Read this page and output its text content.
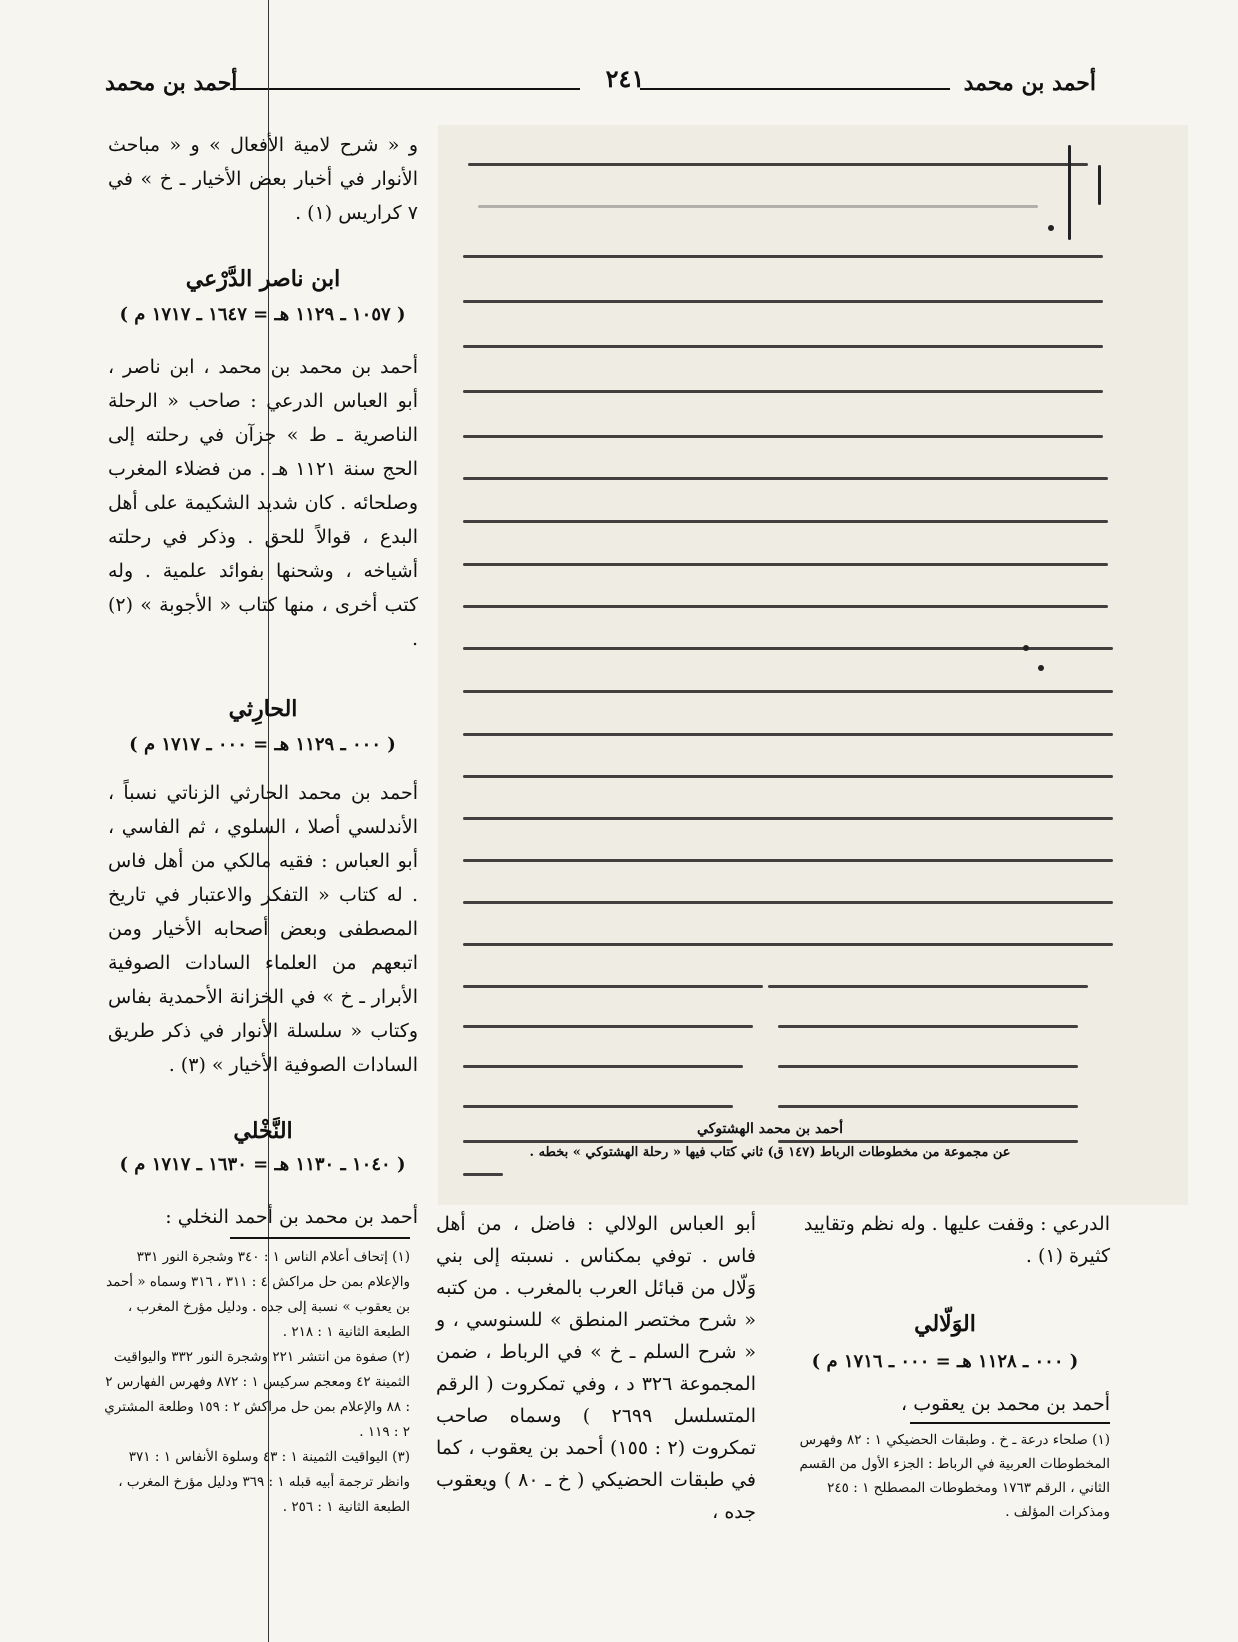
أحمد بن محمد
٢٤١
أحمد بن محمد
و « شرح لامية الأفعال » و « مباحث الأنوار في أخبار بعض الأخيار ـ خ » في ٧ كراريس (١) .
ابن ناصر الدَّرْعي
( ١٠٥٧ ـ ١١٢٩ هـ = ١٦٤٧ ـ ١٧١٧ م )
أحمد بن محمد بن محمد ، ابن ناصر ، أبو العباس الدرعي : صاحب « الرحلة الناصرية ـ ط » جزآن في رحلته إلى الحج سنة ١١٢١ هـ . من فضلاء المغرب وصلحائه . كان شديد الشكيمة على أهل البدع ، قوالاً للحق . وذكر في رحلته أشياخه ، وشحنها بفوائد علمية . وله كتب أخرى ، منها كتاب « الأجوبة » (٢) .
الحارِثي
( ٠٠٠ ـ ١١٢٩ هـ = ٠٠٠ ـ ١٧١٧ م )
أحمد بن محمد الحارثي الزناتي نسباً ، الأندلسي أصلا ، السلوي ، ثم الفاسي ، أبو العباس : فقيه مالكي من أهل فاس . له كتاب « التفكر والاعتبار في تاريخ المصطفى وبعض أصحابه الأخيار ومن اتبعهم من العلماء السادات الصوفية الأبرار ـ خ » في الخزانة الأحمدية بفاس وكتاب « سلسلة الأنوار في ذكر طريق السادات الصوفية الأخيار » (٣) .
النَّخْلي
( ١٠٤٠ ـ ١١٣٠ هـ = ١٦٣٠ ـ ١٧١٧ م )
أحمد بن محمد بن أحمد النخلي :
(١) إتحاف أعلام الناس ١ : ٣٤٠ وشجرة النور ٣٣١ والإعلام بمن حل مراكش ٤ : ٣١١ ، ٣١٦ وسماه « أحمد بن يعقوب » نسبة إلى جده . ودليل مؤرخ المغرب ، الطبعة الثانية ١ : ٢١٨ .
(٢) صفوة من انتشر ٢٢١ وشجرة النور ٣٣٢ واليواقيت الثمينة ٤٢ ومعجم سركيس ١ : ٨٧٢ وفهرس الفهارس ٢ : ٨٨ والإعلام بمن حل مراكش ٢ : ١٥٩ وطلعة المشتري ٢ : ١١٩ .
(٣) اليواقيت الثمينة ١ : ٤٣ وسلوة الأنفاس ١ : ٣٧١ وانظر ترجمة أبيه قبله ١ : ٣٦٩ ودليل مؤرخ المغرب ، الطبعة الثانية ١ : ٢٥٦ .
أحمد بن محمد الهشتوكي
عن مجموعة من مخطوطات الرباط (١٤٧ ق) ثاني كتاب فيها « رحلة الهشتوكي » بخطه .
أبو العباس الولالي : فاضل ، من أهل فاس . توفي بمكناس . نسبته إلى بني وَلّال من قبائل العرب بالمغرب . من كتبه « شرح مختصر المنطق » للسنوسي ، و « شرح السلم ـ خ » في الرباط ، ضمن المجموعة ٣٢٦ د ، وفي تمكروت ( الرقم المتسلسل ٢٦٩٩ ) وسماه صاحب تمكروت (٢ : ١٥٥) أحمد بن يعقوب ، كما في طبقات الحضيكي ( خ ـ ٨٠ ) ويعقوب جده ،
الدرعي : وقفت عليها . وله نظم وتقاييد كثيرة (١) .
الوَلّالي
( ٠٠٠ ـ ١١٢٨ هـ = ٠٠٠ ـ ١٧١٦ م )
أحمد بن محمد بن يعقوب ،
(١) صلحاء درعة ـ خ . وطبقات الحضيكي ١ : ٨٢ وفهرس المخطوطات العربية في الرباط : الجزء الأول من القسم الثاني ، الرقم ١٧٦٣ ومخطوطات المصطلح ١ : ٢٤٥ ومذكرات المؤلف .
